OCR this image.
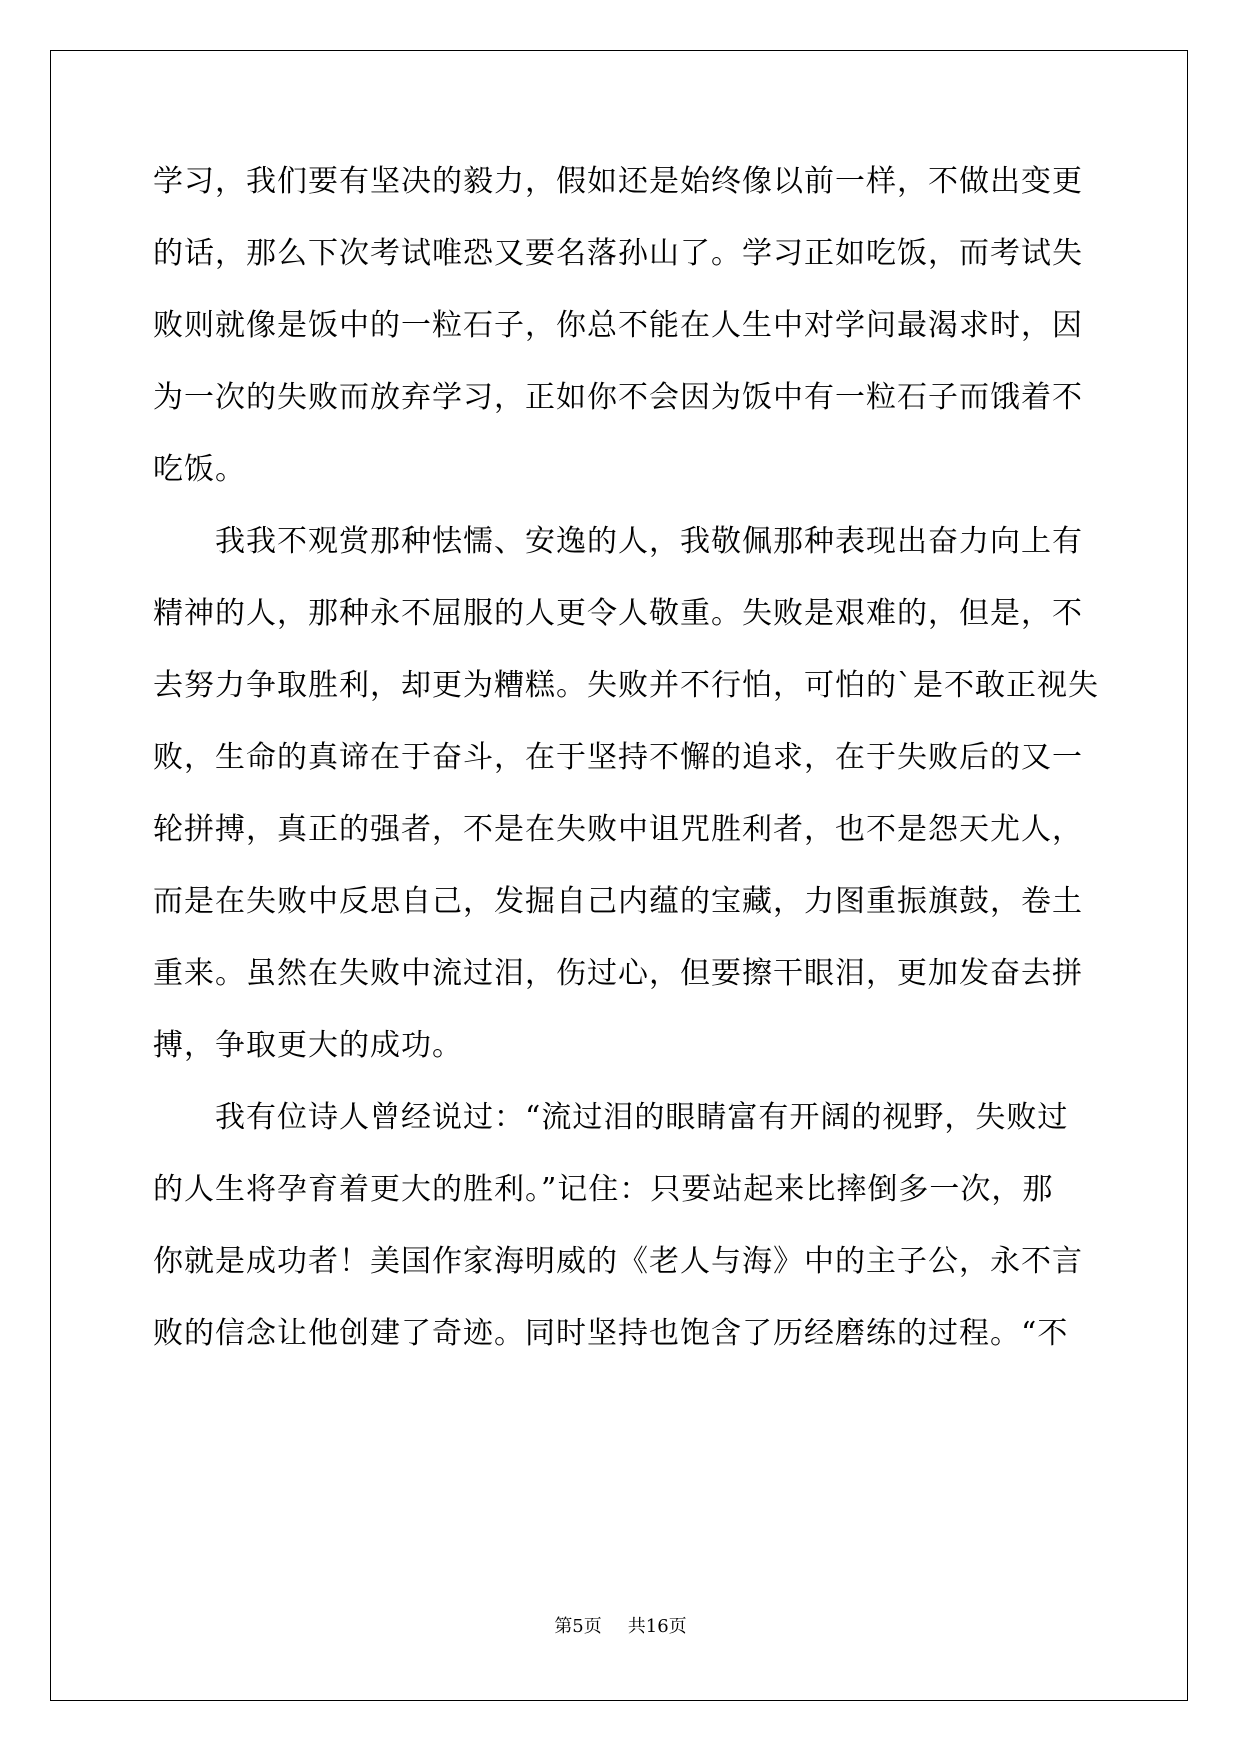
学习，我们要有坚决的毅力，假如还是始终像以前一样，不做出变更
的话，那么下次考试唯恐又要名落孙山了。学习正如吃饭，而考试失
败则就像是饭中的一粒石子，你总不能在人生中对学问最渴求时，因
为一次的失败而放弃学习，正如你不会因为饭中有一粒石子而饿着不
吃饭。
　　我我不观赏那种怯懦、安逸的人，我敬佩那种表现出奋力向上有
精神的人，那种永不屈服的人更令人敬重。失败是艰难的，但是，不
去努力争取胜利，却更为糟糕。失败并不行怕，可怕的`是不敢正视失
败，生命的真谛在于奋斗，在于坚持不懈的追求，在于失败后的又一
轮拼搏，真正的强者，不是在失败中诅咒胜利者，也不是怨天尤人，
而是在失败中反思自己，发掘自己内蕴的宝藏，力图重振旗鼓，卷土
重来。虽然在失败中流过泪，伤过心，但要擦干眼泪，更加发奋去拼
搏，争取更大的成功。
　　我有位诗人曾经说过：“流过泪的眼睛富有开阔的视野，失败过
的人生将孕育着更大的胜利。”记住：只要站起来比摔倒多一次，那
你就是成功者！美国作家海明威的《老人与海》中的主子公，永不言
败的信念让他创建了奇迹。同时坚持也饱含了历经磨练的过程。“不
第5页 共16页
